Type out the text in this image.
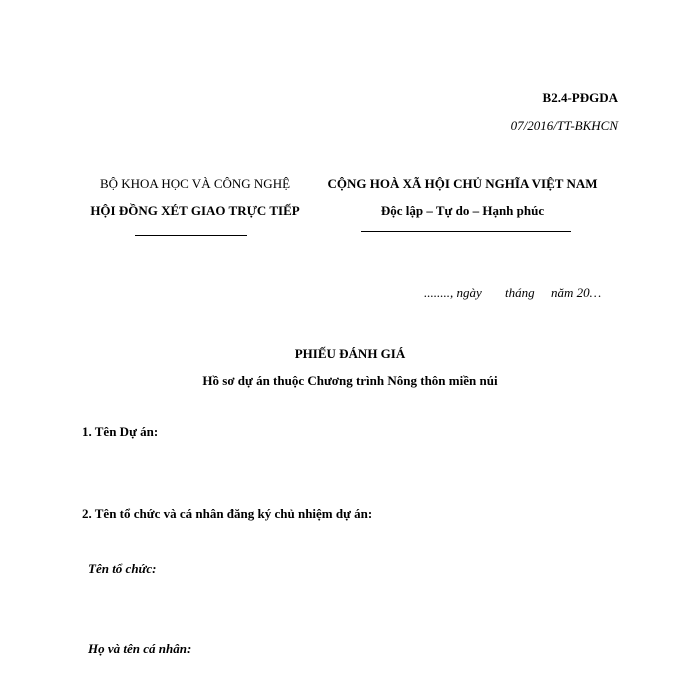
B2.4-PĐGDA
07/2016/TT-BKHCN
BỘ KHOA HỌC VÀ CÔNG NGHỆ
HỘI ĐỒNG XÉT GIAO TRỰC TIẾP
CỘNG HOÀ XÃ HỘI CHỦ NGHĨA VIỆT NAM
Độc lập – Tự do – Hạnh phúc
........, ngày tháng năm 20…
PHIẾU ĐÁNH GIÁ
Hồ sơ dự án thuộc Chương trình Nông thôn miền núi
1. Tên Dự án:
2. Tên tổ chức và cá nhân đăng ký chủ nhiệm dự án:
Tên tổ chức:
Họ và tên cá nhân:
